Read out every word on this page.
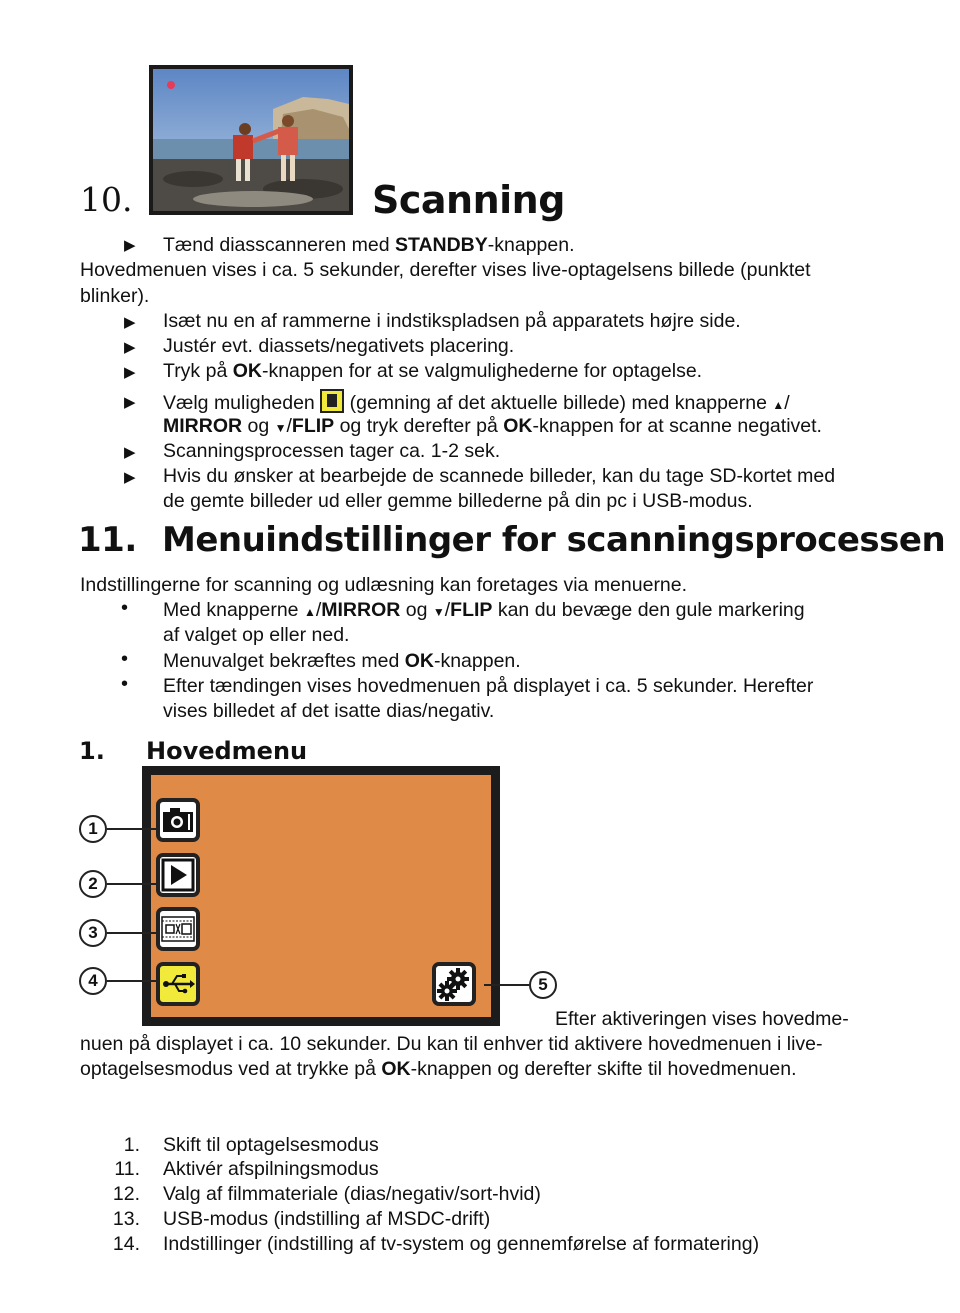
10.	Scanning
▶ Tænd diasscanneren med STANDBY-knappen.
Hovedmenuen vises i ca. 5 sekunder, derefter vises live-optagelsens billede (punktet
blinker).
▶ Isæt nu en af rammerne i indstikspladsen på apparatets højre side.
▶ Justér evt. diassets/negativets placering.
▶ Tryk på OK-knappen for at se valgmulighederne for optagelse.
▶ Vælg muligheden
(gemning af det aktuelle billede) med knapperne ▲/
MIRROR og ▼/FLIP og tryk derefter på OK-knappen for at scanne negativet.
▶ Scanningsprocessen tager ca. 1-2 sek.
▶ Hvis du ønsker at bearbejde de scannede billeder, kan du tage SD-kortet med
de gemte billeder ud eller gemme billederne på din pc i USB-modus.
11. Menuindstillinger for scanningsprocessen
Indstillingerne for scanning og udlæsning kan foretages via menuerne.
• Med knapperne ▲/MIRROR og ▼/FLIP kan du bevæge den gule markering
af valget op eller ned.
• Menuvalget bekræftes med OK-knappen.
• Efter tændingen vises hovedmenuen på displayet i ca. 5 sekunder. Herefter
vises billedet af det isatte dias/negativ.
1. Hovedmenu
1
2
3
4	5
Efter aktiveringen vises hovedme-
nuen på displayet i ca. 10 sekunder. Du kan til enhver tid aktivere hovedmenuen i live-
optagelsesmodus ved at trykke på OK-knappen og derefter skifte til hovedmenuen.
1. Skift til optagelsesmodus
11. Aktivér afspilningsmodus
12. Valg af filmmateriale (dias/negativ/sort-hvid)
13. USB-modus (indstilling af MSDC-drift)
14. Indstillinger (indstilling af tv-system og gennemførelse af formatering)
